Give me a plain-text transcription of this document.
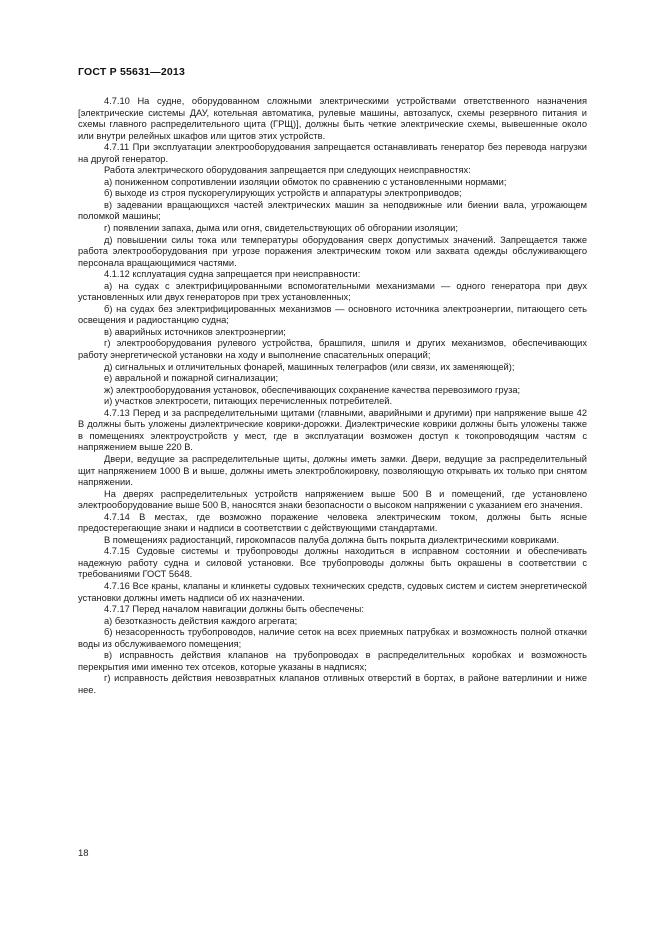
ГОСТ Р 55631—2013

4.7.10 На судне, оборудованном сложными электрическими устройствами ответственного назначения [электрические системы ДАУ, котельная автоматика, рулевые машины, автозапуск, схемы резервного питания и схемы главного распределительного щита (ГРЩ)], должны быть четкие электрические схемы, вывешенные около или внутри релейных шкафов или щитов этих устройств.

4.7.11 При эксплуатации электрооборудования запрещается останавливать генератор без перевода нагрузки на другой генератор.

Работа электрического оборудования запрещается при следующих неисправностях:

а) пониженном сопротивлении изоляции обмоток по сравнению с установленными нормами;

б) выходе из строя пускорегулирующих устройств и аппаратуры электроприводов;

в) задевании вращающихся частей электрических машин за неподвижные или биении вала, угрожающем поломкой машины;

г) появлении запаха, дыма или огня, свидетельствующих об обгорании изоляции;

д) повышении силы тока или температуры оборудования сверх допустимых значений. Запрещается также работа электрооборудования при угрозе поражения электрическим током или захвата одежды обслуживающего персонала вращающимися частями.

4.1.12 ксплуатация судна запрещается при неисправности:

а) на судах с электрифицированными вспомогательными механизмами — одного генератора при двух установленных или двух генераторов при трех установленных;

б) на судах без электрифицированных механизмов — основного источника электроэнергии, питающего сеть освещения и радиостанцию судна;

в) аварийных источников электроэнергии;

г) электрооборудования рулевого устройства, брашпиля, шпиля и других механизмов, обеспечивающих работу энергетической установки на ходу и выполнение спасательных операций;

д) сигнальных и отличительных фонарей, машинных телеграфов (или связи, их заменяющей);

е) авральной и пожарной сигнализации;

ж) электрооборудования установок, обеспечивающих сохранение качества перевозимого груза;

и) участков электросети, питающих перечисленных потребителей.

4.7.13 Перед и за распределительными щитами (главными, аварийными и другими) при напряжение выше 42 В должны быть уложены диэлектрические коврики-дорожки. Диэлектрические коврики должны быть уложены также в помещениях электроустройств у мест, где в эксплуатации возможен доступ к токопроводящим частям с напряжением выше 220 В.

Двери, ведущие за распределительные щиты, должны иметь замки. Двери, ведущие за распределительный щит напряжением 1000 В и выше, должны иметь электроблокировку, позволяющую открывать их только при снятом напряжении.

На дверях распределительных устройств напряжением выше 500 В и помещений, где установлено электрооборудование выше 500 В, наносятся знаки безопасности о высоком напряжении с указанием его значения.

4.7.14 В местах, где возможно поражение человека электрическим током, должны быть ясные предостерегающие знаки и надписи в соответствии с действующими стандартами.

В помещениях радиостанций, гирокомпасов палуба должна быть покрыта диэлектрическими ковриками.

4.7.15 Судовые системы и трубопроводы должны находиться в исправном состоянии и обеспечивать надежную работу судна и силовой установки. Все трубопроводы должны быть окрашены в соответствии с требованиями ГОСТ 5648.

4.7.16 Все краны, клапаны и клинкеты судовых технических средств, судовых систем и систем энергетической установки должны иметь надписи об их назначении.

4.7.17 Перед началом навигации должны быть обеспечены:

а) безотказность действия каждого агрегата;

б) незасоренность трубопроводов, наличие сеток на всех приемных патрубках и возможность полной откачки воды из обслуживаемого помещения;

в) исправность действия клапанов на трубопроводах в распределительных коробках и возможность перекрытия ими именно тех отсеков, которые указаны в надписях;

г) исправность действия невозвратных клапанов отливных отверстий в бортах, в районе ватерлинии и ниже нее.

18
